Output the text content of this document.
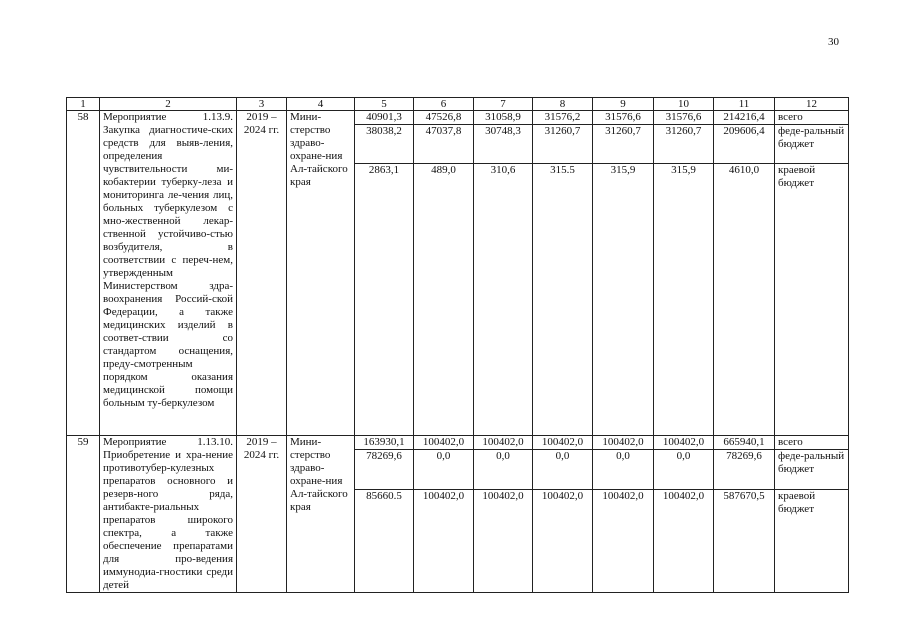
30
1	2	3	4	5	6	7	8	9	10	11	12
58	Мероприятие 1.13.9. Закупка диагностиче-ских средств для выяв-ления, определения чувствительности ми-кобактерии туберку-леза и мониторинга ле-чения лиц, больных туберкулезом с мно-жественной лекар-ственной устойчиво-стью возбудителя, в соответствии с переч-нем, утвержденным Министерством здра-воохранения Россий-ской Федерации, а также медицинских изделий в соответ-ствии со стандартом оснащения, преду-смотренным порядком оказания медицинской помощи больным ту-беркулезом	2019 – 2024 гг.	Мини-стерство здраво-охране-ния Ал-тайского края	40901,3	47526,8	31058,9	31576,2	31576,6	31576,6	214216,4	всего
				38038,2	47037,8	30748,3	31260,7	31260,7	31260,7	209606,4	феде-ральный бюджет
				2863,1	489,0	310,6	315.5	315,9	315,9	4610,0	краевой бюджет
59	Мероприятие 1.13.10. Приобретение и хра-нение противотубер-кулезных препаратов основного и резерв-ного ряда, антибакте-риальных препаратов широкого спектра, а также обеспечение препаратами для про-ведения иммунодиа-гностики среди детей	2019 – 2024 гг.	Мини-стерство здраво-охране-ния Ал-тайского края	163930,1	100402,0	100402,0	100402,0	100402,0	100402,0	665940,1	всего
				78269,6	0,0	0,0	0,0	0,0	0,0	78269,6	феде-ральный бюджет
				85660.5	100402,0	100402,0	100402,0	100402,0	100402,0	587670,5	краевой бюджет
